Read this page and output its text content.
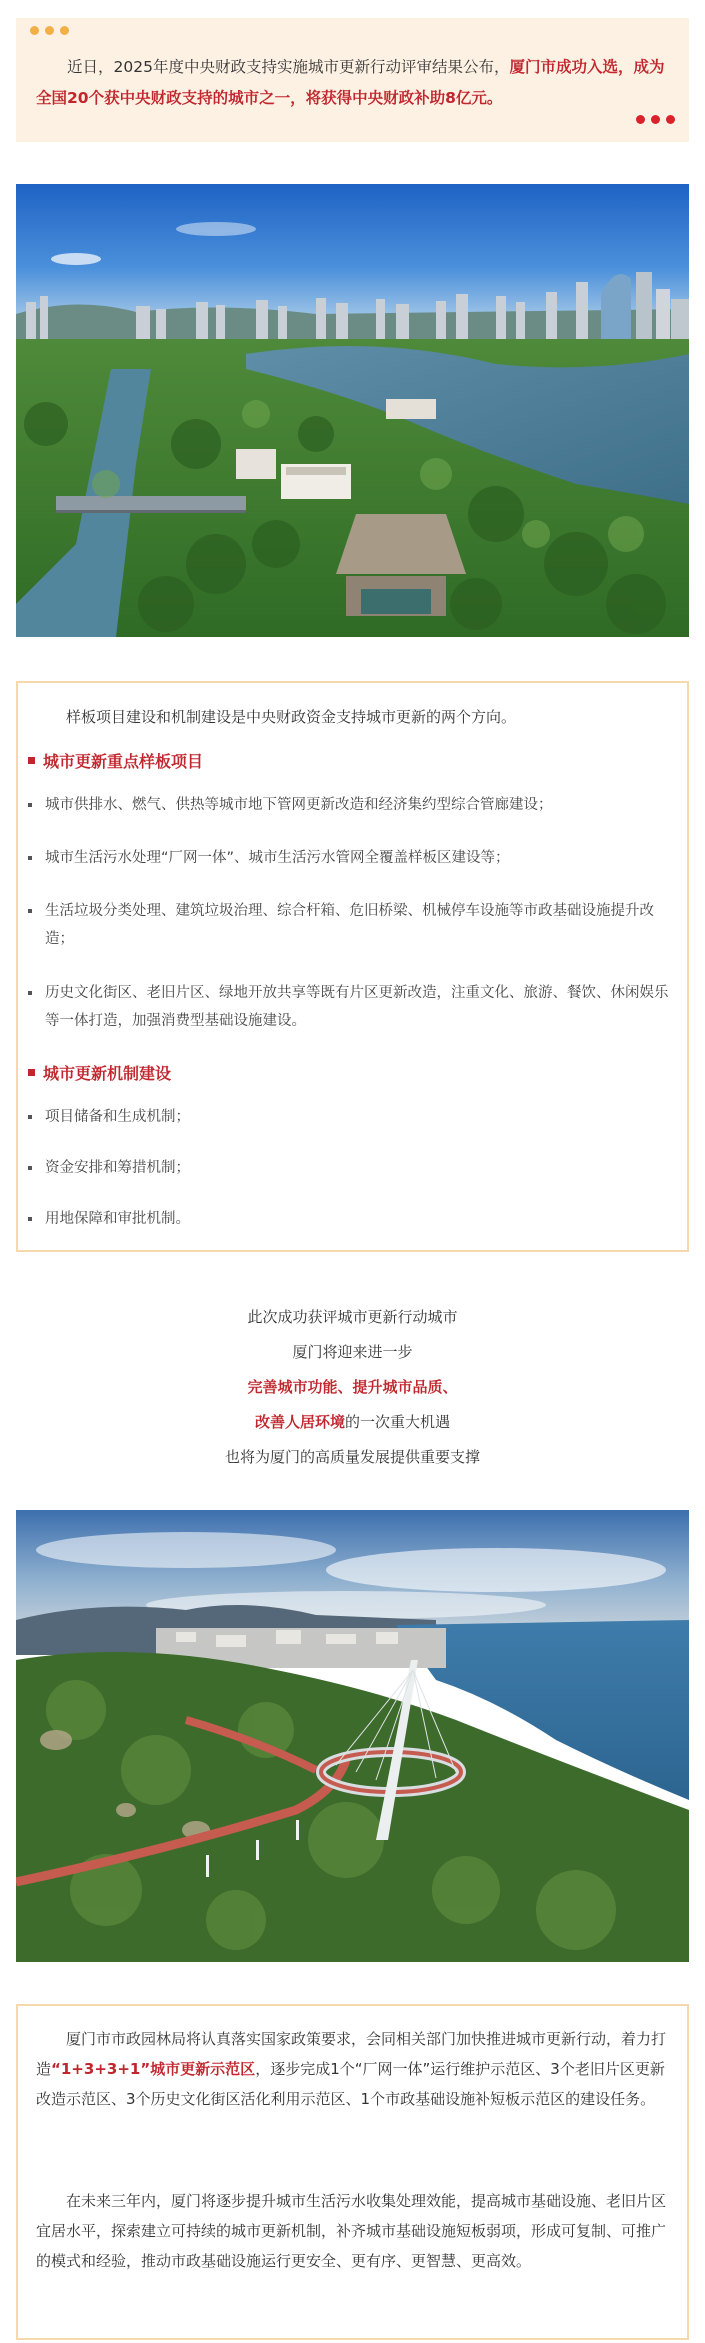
近日，2025年度中央财政支持实施城市更新行动评审结果公布，厦门市成功入选，成为全国20个获中央财政支持的城市之一，将获得中央财政补助8亿元。

样板项目建设和机制建设是中央财政资金支持城市更新的两个方向。

城市更新重点样板项目

城市供排水、燃气、供热等城市地下管网更新改造和经济集约型综合管廊建设；

城市生活污水处理“厂网一体”、城市生活污水管网全覆盖样板区建设等；

生活垃圾分类处理、建筑垃圾治理、综合杆箱、危旧桥梁、机械停车设施等市政基础设施提升改造；

历史文化街区、老旧片区、绿地开放共享等既有片区更新改造，注重文化、旅游、餐饮、休闲娱乐等一体打造，加强消费型基础设施建设。

城市更新机制建设

项目储备和生成机制；

资金安排和筹措机制；

用地保障和审批机制。

此次成功获评城市更新行动城市
厦门将迎来进一步
完善城市功能、提升城市品质、
改善人居环境的一次重大机遇
也将为厦门的高质量发展提供重要支撑

厦门市市政园林局将认真落实国家政策要求，会同相关部门加快推进城市更新行动，着力打造“1+3+3+1”城市更新示范区，逐步完成1个“厂网一体”运行维护示范区、3个老旧片区更新改造示范区、3个历史文化街区活化利用示范区、1个市政基础设施补短板示范区的建设任务。

在未来三年内，厦门将逐步提升城市生活污水收集处理效能，提高城市基础设施、老旧片区宜居水平，探索建立可持续的城市更新机制，补齐城市基础设施短板弱项，形成可复制、可推广的模式和经验，推动市政基础设施运行更安全、更有序、更智慧、更高效。
